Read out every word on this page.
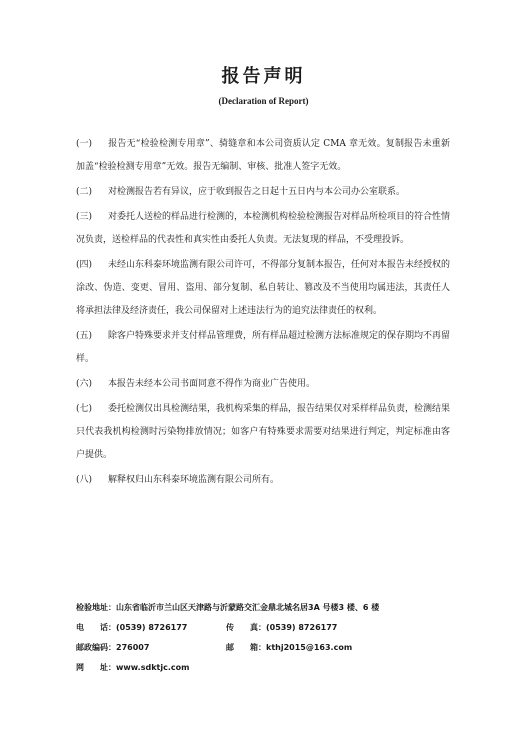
报告声明
(Declaration of Report)

(一) 报告无“检验检测专用章”、骑缝章和本公司资质认定 CMA 章无效。复制报告未重新加盖“检验检测专用章”无效。报告无编制、审核、批准人签字无效。

(二) 对检测报告若有异议，应于收到报告之日起十五日内与本公司办公室联系。

(三) 对委托人送检的样品进行检测的，本检测机构检验检测报告对样品所检项目的符合性情况负责，送检样品的代表性和真实性由委托人负责。无法复现的样品，不受理投诉。

(四) 未经山东科泰环境监测有限公司许可，不得部分复制本报告，任何对本报告未经授权的涂改、伪造、变更、冒用、盗用、部分复制、私自转让、篡改及不当使用均属违法，其责任人将承担法律及经济责任，我公司保留对上述违法行为的追究法律责任的权利。

(五) 除客户特殊要求并支付样品管理费，所有样品超过检测方法标准规定的保存期均不再留样。

(六) 本报告未经本公司书面同意不得作为商业广告使用。

(七) 委托检测仅出具检测结果，我机构采集的样品，报告结果仅对采样样品负责，检测结果只代表我机构检测时污染物排放情况；如客户有特殊要求需要对结果进行判定，判定标准由客户提供。

(八) 解释权归山东科泰环境监测有限公司所有。

检验地址：山东省临沂市兰山区天津路与沂蒙路交汇金鼎北城名居3A 号楼3 楼、6 楼
电　　话：(0539) 8726177	传　　真：(0539) 8726177
邮政编码：276007	邮　　箱：kthj2015@163.com
网　　址：www.sdktjc.com
